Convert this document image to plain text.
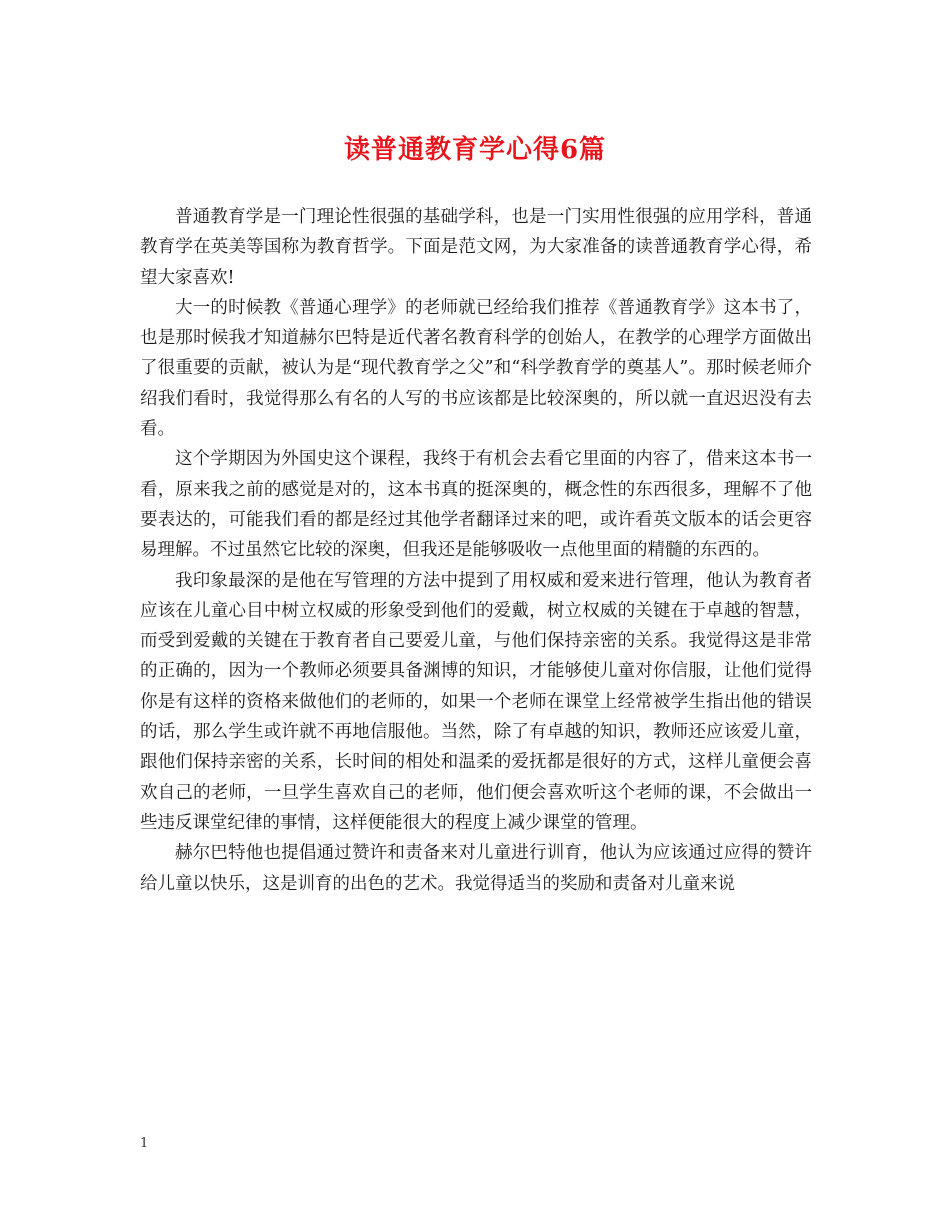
读普通教育学心得6篇

普通教育学是一门理论性很强的基础学科，也是一门实用性很强的应用学科，普通教育学在英美等国称为教育哲学。下面是范文网，为大家准备的读普通教育学心得，希望大家喜欢!

大一的时候教《普通心理学》的老师就已经给我们推荐《普通教育学》这本书了，也是那时候我才知道赫尔巴特是近代著名教育科学的创始人，在教学的心理学方面做出了很重要的贡献，被认为是“现代教育学之父”和“科学教育学的奠基人”。那时候老师介绍我们看时，我觉得那么有名的人写的书应该都是比较深奥的，所以就一直迟迟没有去看。

这个学期因为外国史这个课程，我终于有机会去看它里面的内容了，借来这本书一看，原来我之前的感觉是对的，这本书真的挺深奥的，概念性的东西很多，理解不了他要表达的，可能我们看的都是经过其他学者翻译过来的吧，或许看英文版本的话会更容易理解。不过虽然它比较的深奥，但我还是能够吸收一点他里面的精髓的东西的。

我印象最深的是他在写管理的方法中提到了用权威和爱来进行管理，他认为教育者应该在儿童心目中树立权威的形象受到他们的爱戴，树立权威的关键在于卓越的智慧，而受到爱戴的关键在于教育者自己要爱儿童，与他们保持亲密的关系。我觉得这是非常的正确的，因为一个教师必须要具备渊博的知识，才能够使儿童对你信服，让他们觉得你是有这样的资格来做他们的老师的，如果一个老师在课堂上经常被学生指出他的错误的话，那么学生或许就不再地信服他。当然，除了有卓越的知识，教师还应该爱儿童，跟他们保持亲密的关系，长时间的相处和温柔的爱抚都是很好的方式，这样儿童便会喜欢自己的老师，一旦学生喜欢自己的老师，他们便会喜欢听这个老师的课，不会做出一些违反课堂纪律的事情，这样便能很大的程度上减少课堂的管理。

赫尔巴特他也提倡通过赞许和责备来对儿童进行训育，他认为应该通过应得的赞许给儿童以快乐，这是训育的出色的艺术。我觉得适当的奖励和责备对儿童来说

1
